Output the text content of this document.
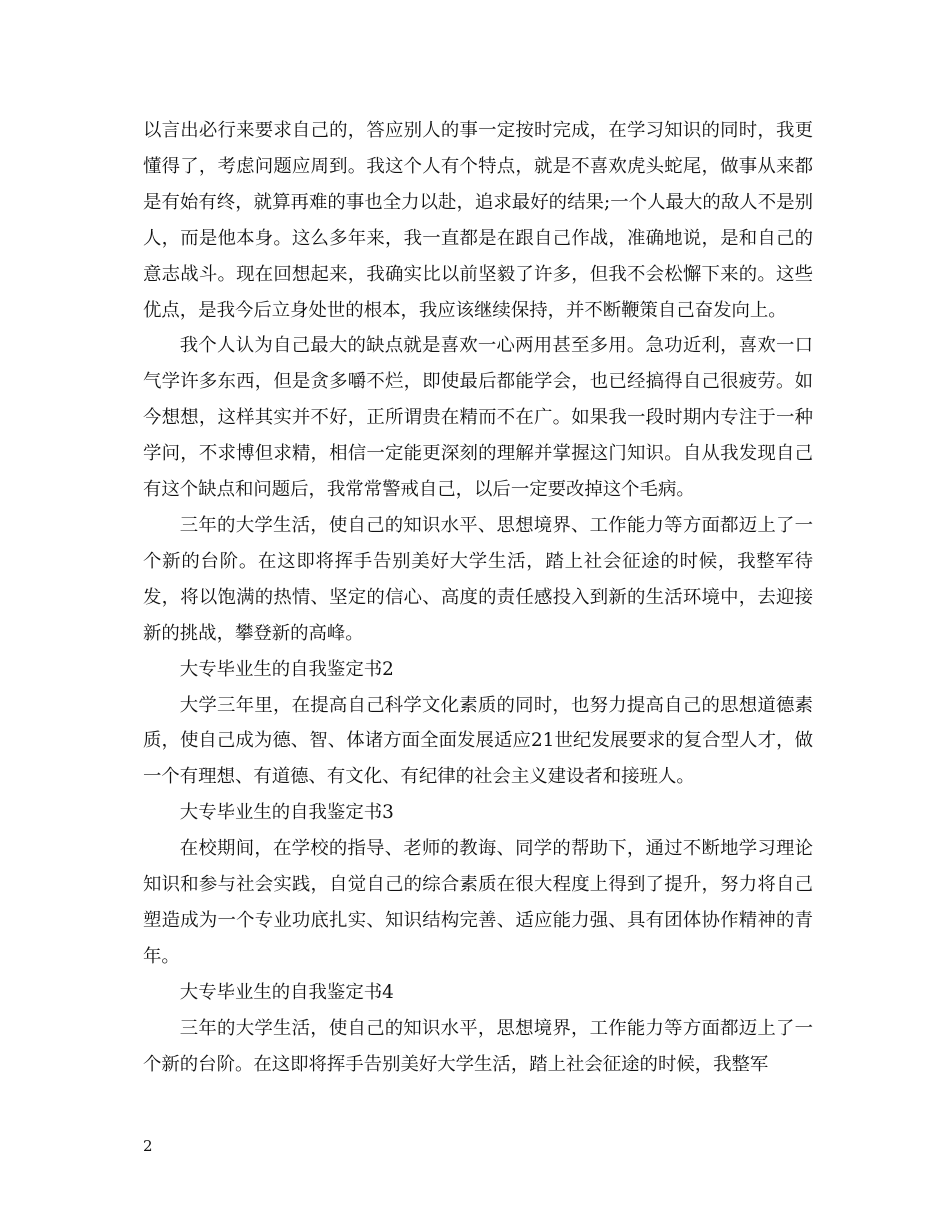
以言出必行来要求自己的，答应别人的事一定按时完成，在学习知识的同时，我更懂得了，考虑问题应周到。我这个人有个特点，就是不喜欢虎头蛇尾，做事从来都是有始有终，就算再难的事也全力以赴，追求最好的结果;一个人最大的敌人不是别人，而是他本身。这么多年来，我一直都是在跟自己作战，准确地说，是和自己的意志战斗。现在回想起来，我确实比以前坚毅了许多，但我不会松懈下来的。这些优点，是我今后立身处世的根本，我应该继续保持，并不断鞭策自己奋发向上。

我个人认为自己最大的缺点就是喜欢一心两用甚至多用。急功近利，喜欢一口气学许多东西，但是贪多嚼不烂，即使最后都能学会，也已经搞得自己很疲劳。如今想想，这样其实并不好，正所谓贵在精而不在广。如果我一段时期内专注于一种学问，不求博但求精，相信一定能更深刻的理解并掌握这门知识。自从我发现自己有这个缺点和问题后，我常常警戒自己，以后一定要改掉这个毛病。

三年的大学生活，使自己的知识水平、思想境界、工作能力等方面都迈上了一个新的台阶。在这即将挥手告别美好大学生活，踏上社会征途的时候，我整军待发，将以饱满的热情、坚定的信心、高度的责任感投入到新的生活环境中，去迎接新的挑战，攀登新的高峰。

大专毕业生的自我鉴定书2

大学三年里，在提高自己科学文化素质的同时，也努力提高自己的思想道德素质，使自己成为德、智、体诸方面全面发展适应21世纪发展要求的复合型人才，做一个有理想、有道德、有文化、有纪律的社会主义建设者和接班人。

大专毕业生的自我鉴定书3

在校期间，在学校的指导、老师的教诲、同学的帮助下，通过不断地学习理论知识和参与社会实践，自觉自己的综合素质在很大程度上得到了提升，努力将自己塑造成为一个专业功底扎实、知识结构完善、适应能力强、具有团体协作精神的青年。

大专毕业生的自我鉴定书4

三年的大学生活，使自己的知识水平，思想境界，工作能力等方面都迈上了一个新的台阶。在这即将挥手告别美好大学生活，踏上社会征途的时候，我整军

2
